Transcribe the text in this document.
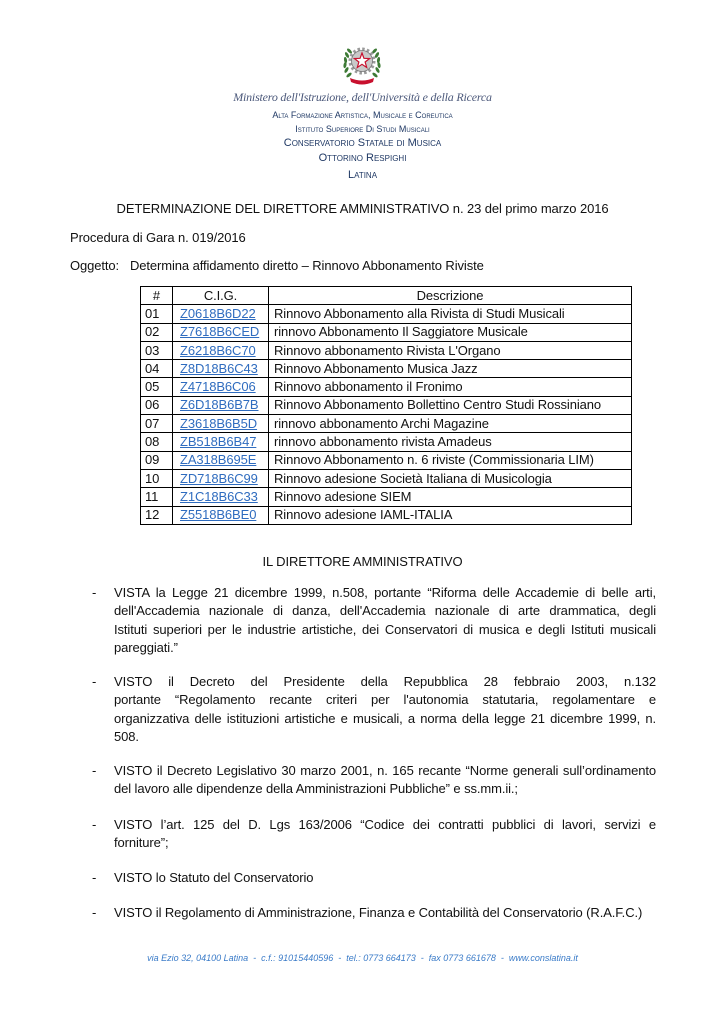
Ministero dell'Istruzione, dell'Università e della Ricerca
Alta Formazione Artistica, Musicale e Coreutica
Istituto Superiore Di Studi Musicali
Conservatorio Statale di Musica
Ottorino Respighi
Latina
DETERMINAZIONE DEL DIRETTORE AMMINISTRATIVO n. 23 del primo marzo 2016
Procedura di Gara n. 019/2016
Oggetto: Determina affidamento diretto – Rinnovo Abbonamento Riviste
#	C.I.G.	Descrizione
01	Z0618B6D22	Rinnovo Abbonamento alla Rivista di Studi Musicali
02	Z7618B6CED	rinnovo Abbonamento Il Saggiatore Musicale
03	Z6218B6C70	Rinnovo abbonamento Rivista L'Organo
04	Z8D18B6C43	Rinnovo Abbonamento Musica Jazz
05	Z4718B6C06	Rinnovo abbonamento il Fronimo
06	Z6D18B6B7B	Rinnovo Abbonamento Bollettino Centro Studi Rossiniano
07	Z3618B6B5D	rinnovo abbonamento Archi Magazine
08	ZB518B6B47	rinnovo abbonamento rivista Amadeus
09	ZA318B695E	Rinnovo Abbonamento n. 6 riviste (Commissionaria LIM)
10	ZD718B6C99	Rinnovo adesione Società Italiana di Musicologia
11	Z1C18B6C33	Rinnovo adesione SIEM
12	Z5518B6BE0	Rinnovo adesione IAML-ITALIA
IL DIRETTORE AMMINISTRATIVO
- VISTA la Legge 21 dicembre 1999, n.508, portante “Riforma delle Accademie di belle arti,
dell'Accademia nazionale di danza, dell'Accademia nazionale di arte drammatica, degli
Istituti superiori per le industrie artistiche, dei Conservatori di musica e degli Istituti musicali
pareggiati.”
- VISTO il Decreto del Presidente della Repubblica 28 febbraio 2003, n.132
portante “Regolamento recante criteri per l'autonomia statutaria, regolamentare e
organizzativa delle istituzioni artistiche e musicali, a norma della legge 21 dicembre 1999, n.
508.
- VISTO il Decreto Legislativo 30 marzo 2001, n. 165 recante “Norme generali sull’ordinamento
del lavoro alle dipendenze della Amministrazioni Pubbliche” e ss.mm.ii.;
- VISTO l’art. 125 del D. Lgs 163/2006 “Codice dei contratti pubblici di lavori, servizi e
forniture”;
- VISTO lo Statuto del Conservatorio
- VISTO il Regolamento di Amministrazione, Finanza e Contabilità del Conservatorio (R.A.F.C.)
via Ezio 32, 04100 Latina  -  c.f.: 91015440596  -  tel.: 0773 664173  -  fax 0773 661678  -  www.conslatina.it
